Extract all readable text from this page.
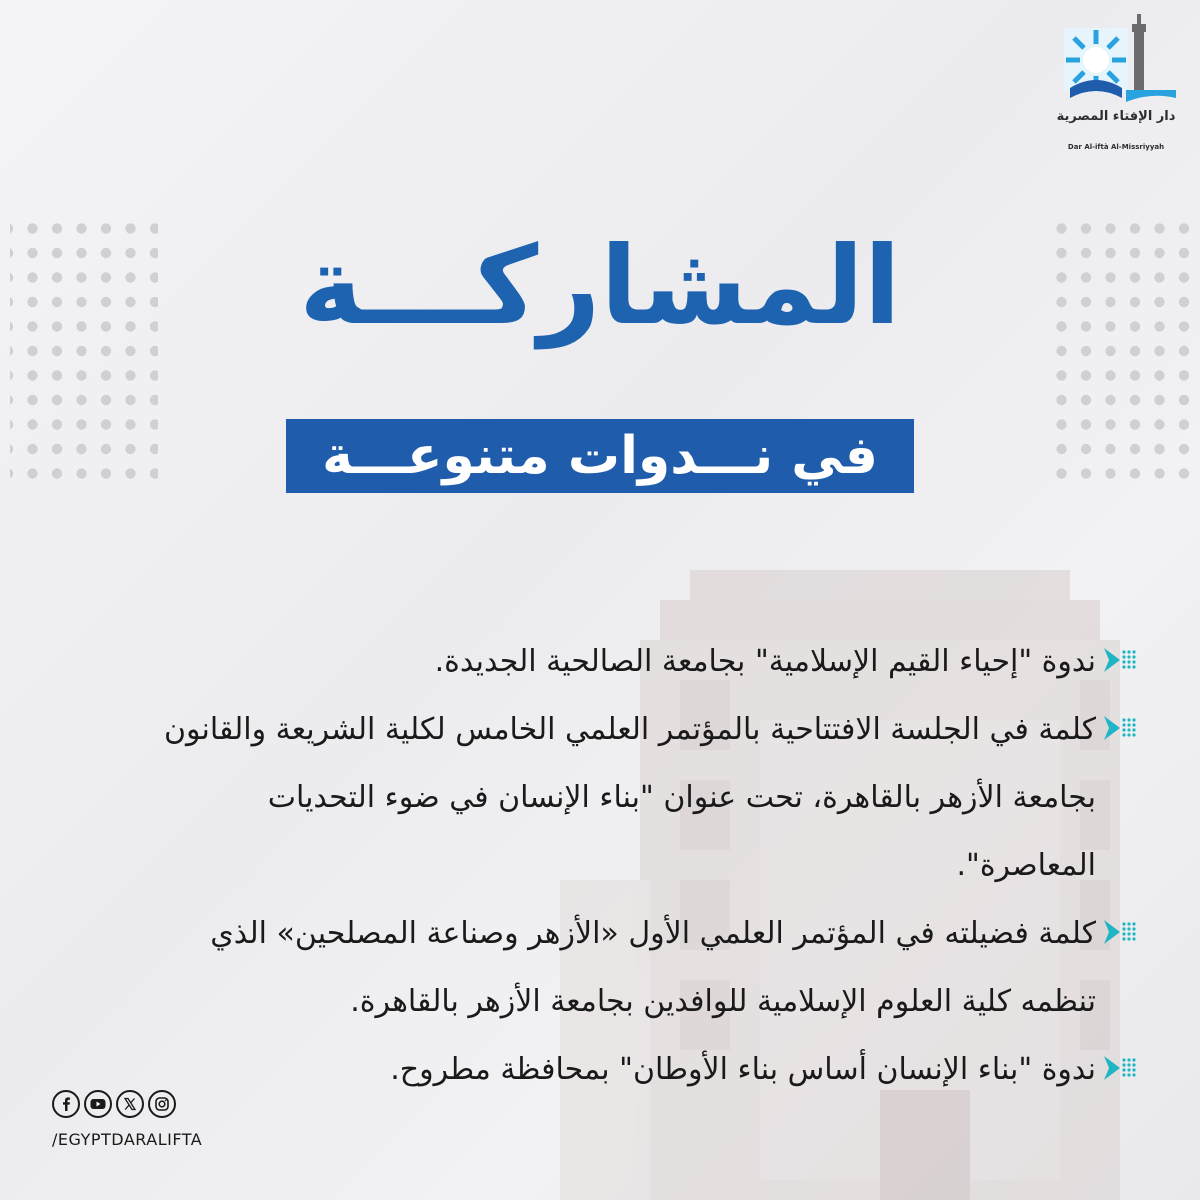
دار الإفتاء المصرية
Dar Al-iftà Al-Missriyyah
المشاركـــة
في نـــدوات متنوعـــة
ندوة "إحياء القيم الإسلامية" بجامعة الصالحية الجديدة.
كلمة في الجلسة الافتتاحية بالمؤتمر العلمي الخامس لكلية الشريعة والقانون بجامعة الأزهر بالقاهرة، تحت عنوان "بناء الإنسان في ضوء التحديات المعاصرة".
كلمة فضيلته في المؤتمر العلمي الأول «الأزهر وصناعة المصلحين» الذي تنظمه كلية العلوم الإسلامية للوافدين بجامعة الأزهر بالقاهرة.
ندوة "بناء الإنسان أساس بناء الأوطان" بمحافظة مطروح.
/EGYPTDARALIFTA
